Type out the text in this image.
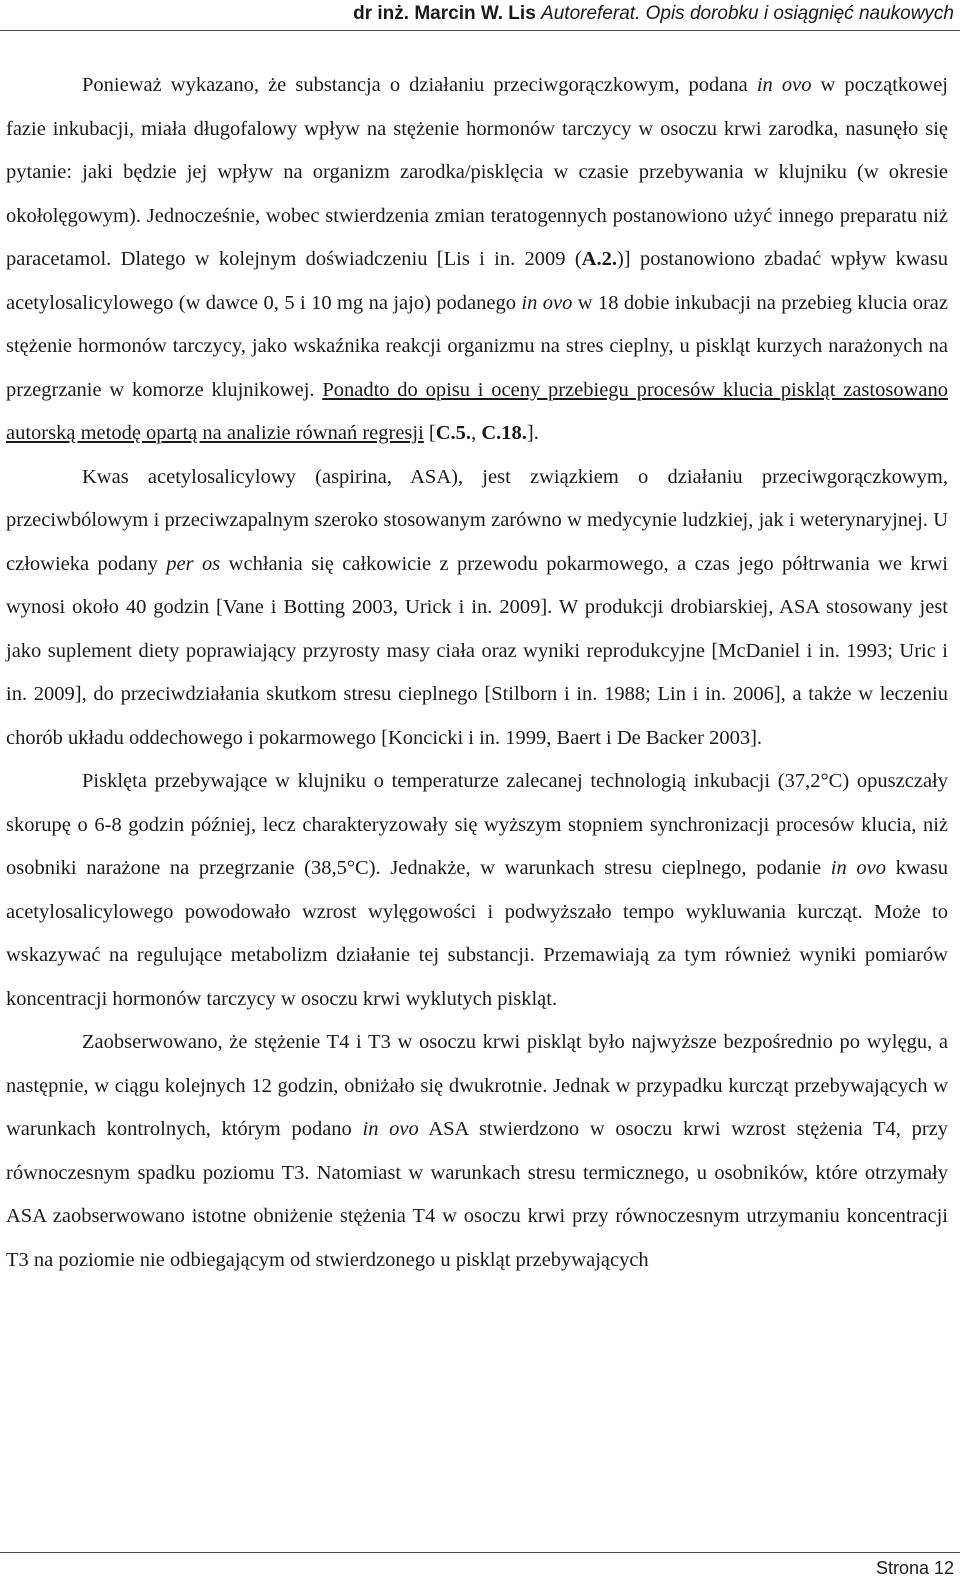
dr inż. Marcin W. Lis Autoreferat. Opis dorobku i osiągnięć naukowych

Ponieważ wykazano, że substancja o działaniu przeciwgorączkowym, podana in ovo w początkowej fazie inkubacji, miała długofalowy wpływ na stężenie hormonów tarczycy w osoczu krwi zarodka, nasunęło się pytanie: jaki będzie jej wpływ na organizm zarodka/pisklęcia w czasie przebywania w klujniku (w okresie okołolęgowym). Jednocześnie, wobec stwierdzenia zmian teratogennych postanowiono użyć innego preparatu niż paracetamol. Dlatego w kolejnym doświadczeniu [Lis i in. 2009 (A.2.)] postanowiono zbadać wpływ kwasu acetylosalicylowego (w dawce 0, 5 i 10 mg na jajo) podanego in ovo w 18 dobie inkubacji na przebieg klucia oraz stężenie hormonów tarczycy, jako wskaźnika reakcji organizmu na stres cieplny, u piskląt kurzych narażonych na przegrzanie w komorze klujnikowej. Ponadto do opisu i oceny przebiegu procesów klucia piskląt zastosowano autorską metodę opartą na analizie równań regresji [C.5., C.18.].

Kwas acetylosalicylowy (aspirina, ASA), jest związkiem o działaniu przeciwgorączkowym, przeciwbólowym i przeciwzapalnym szeroko stosowanym zarówno w medycynie ludzkiej, jak i weterynaryjnej. U człowieka podany per os wchłania się całkowicie z przewodu pokarmowego, a czas jego półtrwania we krwi wynosi około 40 godzin [Vane i Botting 2003, Urick i in. 2009]. W produkcji drobiarskiej, ASA stosowany jest jako suplement diety poprawiający przyrosty masy ciała oraz wyniki reprodukcyjne [McDaniel i in. 1993; Uric i in. 2009], do przeciwdziałania skutkom stresu cieplnego [Stilborn i in. 1988; Lin i in. 2006], a także w leczeniu chorób układu oddechowego i pokarmowego [Koncicki i in. 1999, Baert i De Backer 2003].

Pisklęta przebywające w klujniku o temperaturze zalecanej technologią inkubacji (37,2°C) opuszczały skorupę o 6-8 godzin później, lecz charakteryzowały się wyższym stopniem synchronizacji procesów klucia, niż osobniki narażone na przegrzanie (38,5°C). Jednakże, w warunkach stresu cieplnego, podanie in ovo kwasu acetylosalicylowego powodowało wzrost wylęgowości i podwyższało tempo wykluwania kurcząt. Może to wskazywać na regulujące metabolizm działanie tej substancji. Przemawiają za tym również wyniki pomiarów koncentracji hormonów tarczycy w osoczu krwi wyklutych piskląt.

Zaobserwowano, że stężenie T4 i T3 w osoczu krwi piskląt było najwyższe bezpośrednio po wylęgu, a następnie, w ciągu kolejnych 12 godzin, obniżało się dwukrotnie. Jednak w przypadku kurcząt przebywających w warunkach kontrolnych, którym podano in ovo ASA stwierdzono w osoczu krwi wzrost stężenia T4, przy równoczesnym spadku poziomu T3. Natomiast w warunkach stresu termicznego, u osobników, które otrzymały ASA zaobserwowano istotne obniżenie stężenia T4 w osoczu krwi przy równoczesnym utrzymaniu koncentracji T3 na poziomie nie odbiegającym od stwierdzonego u piskląt przebywających

Strona 12
